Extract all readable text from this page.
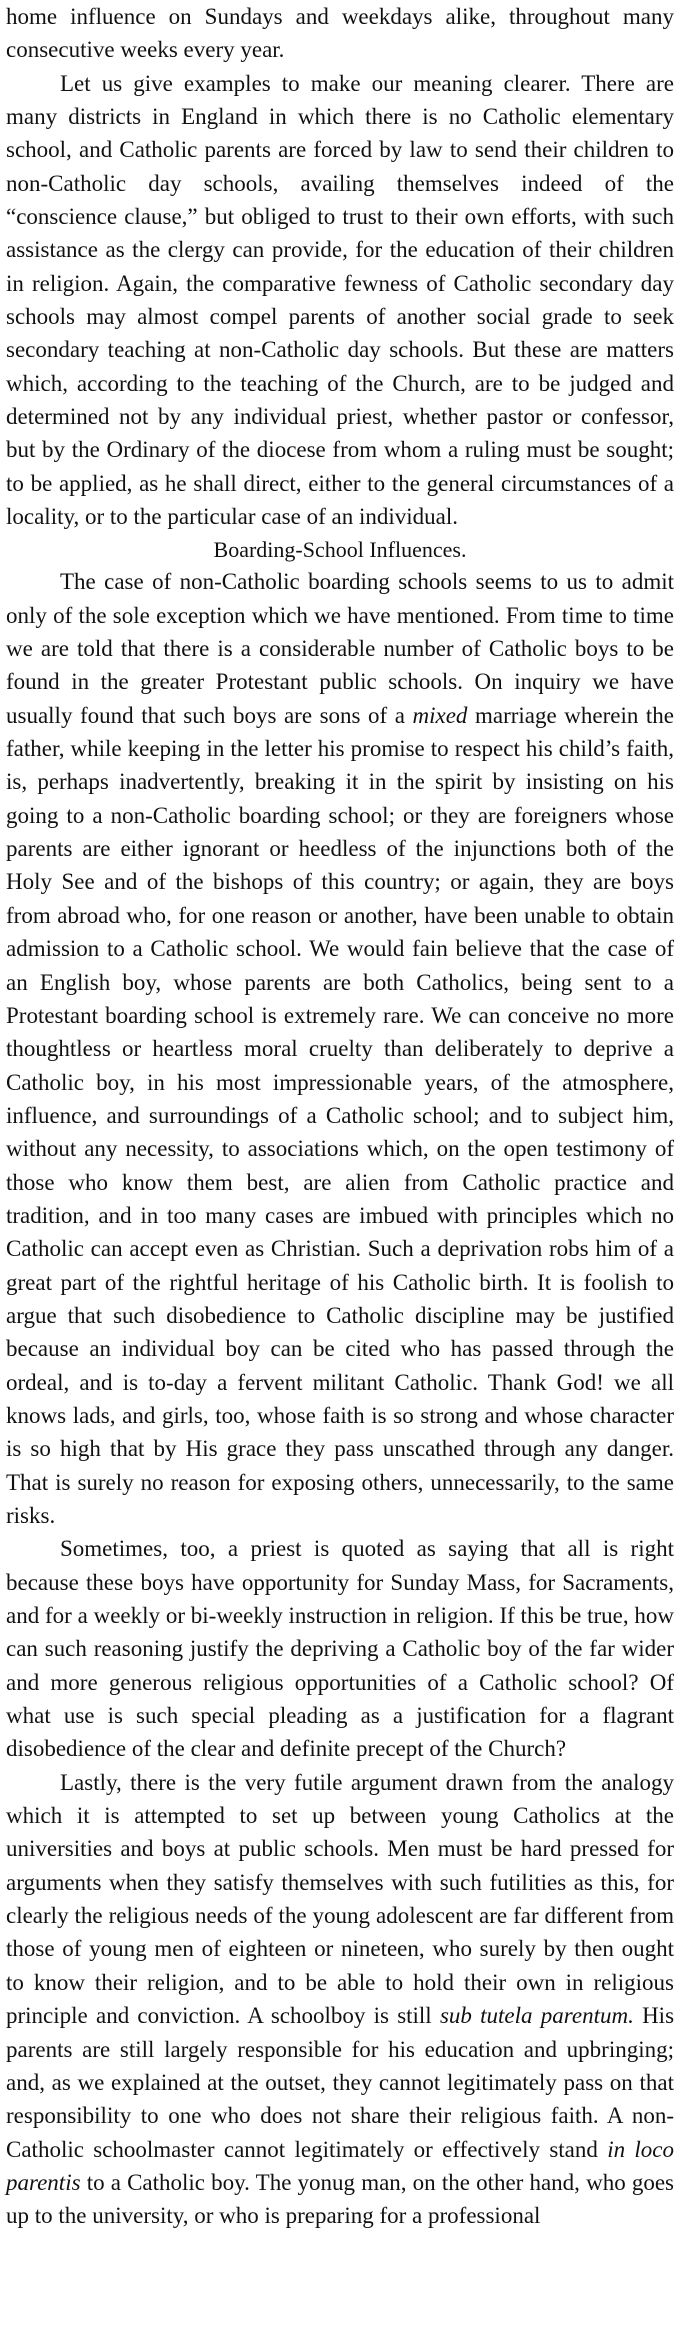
home influence on Sundays and weekdays alike, throughout many consecutive weeks every year.

Let us give examples to make our meaning clearer. There are many districts in England in which there is no Catholic elementary school, and Catholic parents are forced by law to send their children to non-Catholic day schools, availing themselves indeed of the “conscience clause,” but obliged to trust to their own efforts, with such assistance as the clergy can provide, for the education of their children in religion. Again, the comparative fewness of Catholic secondary day schools may almost compel parents of another social grade to seek secondary teaching at non-Catholic day schools. But these are matters which, according to the teaching of the Church, are to be judged and determined not by any individual priest, whether pastor or confessor, but by the Ordinary of the diocese from whom a ruling must be sought; to be applied, as he shall direct, either to the general circumstances of a locality, or to the particular case of an individual.

Boarding-School Influences.

The case of non-Catholic boarding schools seems to us to admit only of the sole exception which we have mentioned. From time to time we are told that there is a considerable number of Catholic boys to be found in the greater Protestant public schools. On inquiry we have usually found that such boys are sons of a mixed marriage wherein the father, while keeping in the letter his promise to respect his child’s faith, is, perhaps inadvertently, breaking it in the spirit by insisting on his going to a non-Catholic boarding school; or they are foreigners whose parents are either ignorant or heedless of the injunctions both of the Holy See and of the bishops of this country; or again, they are boys from abroad who, for one reason or another, have been unable to obtain admission to a Catholic school. We would fain believe that the case of an English boy, whose parents are both Catholics, being sent to a Protestant boarding school is extremely rare. We can conceive no more thoughtless or heartless moral cruelty than deliberately to deprive a Catholic boy, in his most impressionable years, of the atmosphere, influence, and surroundings of a Catholic school; and to subject him, without any necessity, to associations which, on the open testimony of those who know them best, are alien from Catholic practice and tradition, and in too many cases are imbued with principles which no Catholic can accept even as Christian. Such a deprivation robs him of a great part of the rightful heritage of his Catholic birth. It is foolish to argue that such disobedience to Catholic discipline may be justified because an individual boy can be cited who has passed through the ordeal, and is to-day a fervent militant Catholic. Thank God! we all knows lads, and girls, too, whose faith is so strong and whose character is so high that by His grace they pass unscathed through any danger. That is surely no reason for exposing others, unnecessarily, to the same risks.

Sometimes, too, a priest is quoted as saying that all is right because these boys have opportunity for Sunday Mass, for Sacraments, and for a weekly or bi-weekly instruction in religion. If this be true, how can such reasoning justify the depriving a Catholic boy of the far wider and more generous religious opportunities of a Catholic school? Of what use is such special pleading as a justification for a flagrant disobedience of the clear and definite precept of the Church?

Lastly, there is the very futile argument drawn from the analogy which it is attempted to set up between young Catholics at the universities and boys at public schools. Men must be hard pressed for arguments when they satisfy themselves with such futilities as this, for clearly the religious needs of the young adolescent are far different from those of young men of eighteen or nineteen, who surely by then ought to know their religion, and to be able to hold their own in religious principle and conviction. A schoolboy is still sub tutela parentum. His parents are still largely responsible for his education and upbringing; and, as we explained at the outset, they cannot legitimately pass on that responsibility to one who does not share their religious faith. A non-Catholic schoolmaster cannot legitimately or effectively stand in loco parentis to a Catholic boy. The yonug man, on the other hand, who goes up to the university, or who is preparing for a professional
